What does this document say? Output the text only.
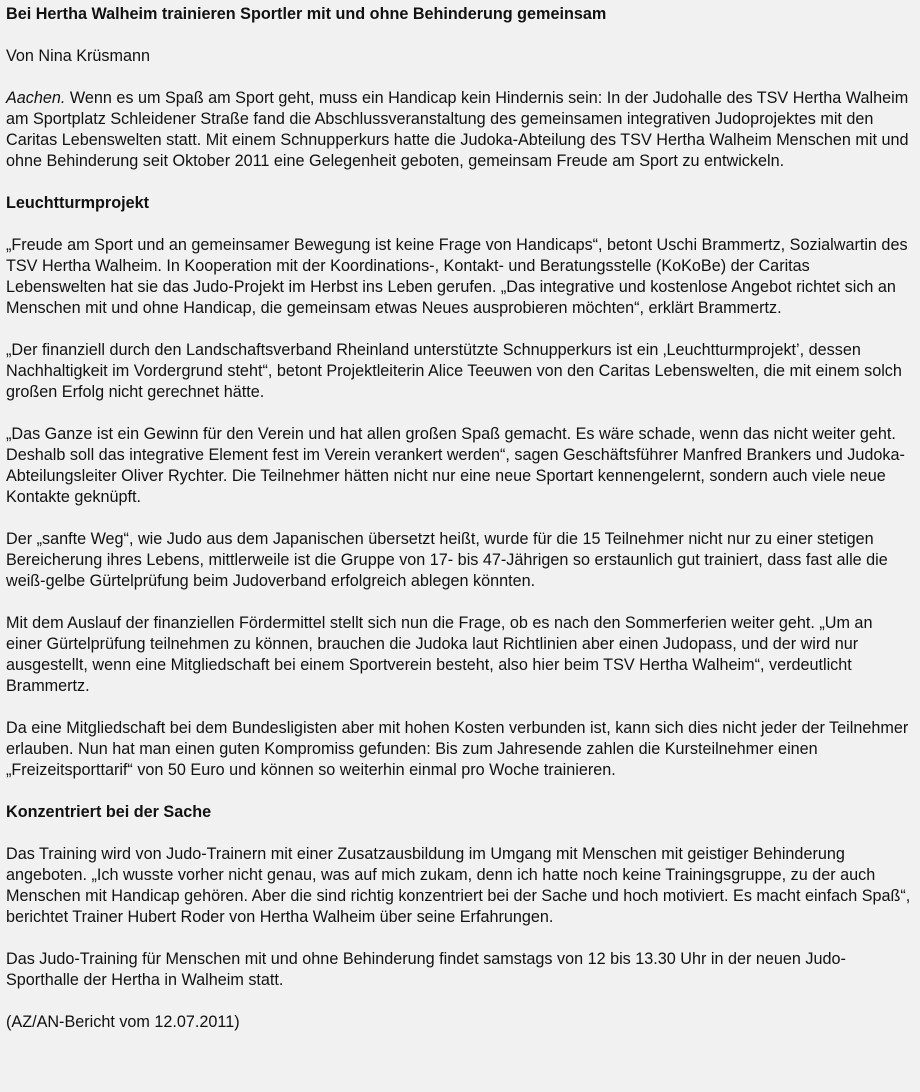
Bei Hertha Walheim trainieren Sportler mit und ohne Behinderung gemeinsam
Von Nina Krüsmann

Aachen. Wenn es um Spaß am Sport geht, muss ein Handicap kein Hindernis sein: In der Judohalle des TSV Hertha Walheim am Sportplatz Schleidener Straße fand die Abschlussveranstaltung des gemeinsamen integrativen Judoprojektes mit den Caritas Lebenswelten statt. Mit einem Schnupperkurs hatte die Judoka-Abteilung des TSV Hertha Walheim Menschen mit und ohne Behinderung seit Oktober 2011 eine Gelegenheit geboten, gemeinsam Freude am Sport zu entwickeln.

Leuchtturmprojekt

„Freude am Sport und an gemeinsamer Bewegung ist keine Frage von Handicaps“, betont Uschi Brammertz, Sozialwartin des TSV Hertha Walheim. In Kooperation mit der Koordinations-, Kontakt- und Beratungsstelle (KoKoBe) der Caritas Lebenswelten hat sie das Judo-Projekt im Herbst ins Leben gerufen. „Das integrative und kostenlose Angebot richtet sich an Menschen mit und ohne Handicap, die gemeinsam etwas Neues ausprobieren möchten“, erklärt Brammertz.

„Der finanziell durch den Landschaftsverband Rheinland unterstützte Schnupperkurs ist ein ‚Leuchtturmprojekt’, dessen Nachhaltigkeit im Vordergrund steht“, betont Projektleiterin Alice Teeuwen von den Caritas Lebenswelten, die mit einem solch großen Erfolg nicht gerechnet hätte.

„Das Ganze ist ein Gewinn für den Verein und hat allen großen Spaß gemacht. Es wäre schade, wenn das nicht weiter geht. Deshalb soll das integrative Element fest im Verein verankert werden“, sagen Geschäftsführer Manfred Brankers und Judoka-Abteilungsleiter Oliver Rychter. Die Teilnehmer hätten nicht nur eine neue Sportart kennengelernt, sondern auch viele neue Kontakte geknüpft.

Der „sanfte Weg“, wie Judo aus dem Japanischen übersetzt heißt, wurde für die 15 Teilnehmer nicht nur zu einer stetigen Bereicherung ihres Lebens, mittlerweile ist die Gruppe von 17- bis 47-Jährigen so erstaunlich gut trainiert, dass fast alle die weiß-gelbe Gürtelprüfung beim Judoverband erfolgreich ablegen könnten.

Mit dem Auslauf der finanziellen Fördermittel stellt sich nun die Frage, ob es nach den Sommerferien weiter geht. „Um an einer Gürtelprüfung teilnehmen zu können, brauchen die Judoka laut Richtlinien aber einen Judopass, und der wird nur ausgestellt, wenn eine Mitgliedschaft bei einem Sportverein besteht, also hier beim TSV Hertha Walheim“, verdeutlicht Brammertz.

Da eine Mitgliedschaft bei dem Bundesligisten aber mit hohen Kosten verbunden ist, kann sich dies nicht jeder der Teilnehmer erlauben. Nun hat man einen guten Kompromiss gefunden: Bis zum Jahresende zahlen die Kursteilnehmer einen „Freizeitsporttarif“ von 50 Euro und können so weiterhin einmal pro Woche trainieren.

Konzentriert bei der Sache

Das Training wird von Judo-Trainern mit einer Zusatzausbildung im Umgang mit Menschen mit geistiger Behinderung angeboten. „Ich wusste vorher nicht genau, was auf mich zukam, denn ich hatte noch keine Trainingsgruppe, zu der auch Menschen mit Handicap gehören. Aber die sind richtig konzentriert bei der Sache und hoch motiviert. Es macht einfach Spaß“, berichtet Trainer Hubert Roder von Hertha Walheim über seine Erfahrungen.

Das Judo-Training für Menschen mit und ohne Behinderung findet samstags von 12 bis 13.30 Uhr in der neuen Judo-Sporthalle der Hertha in Walheim statt.

(AZ/AN-Bericht vom 12.07.2011)
